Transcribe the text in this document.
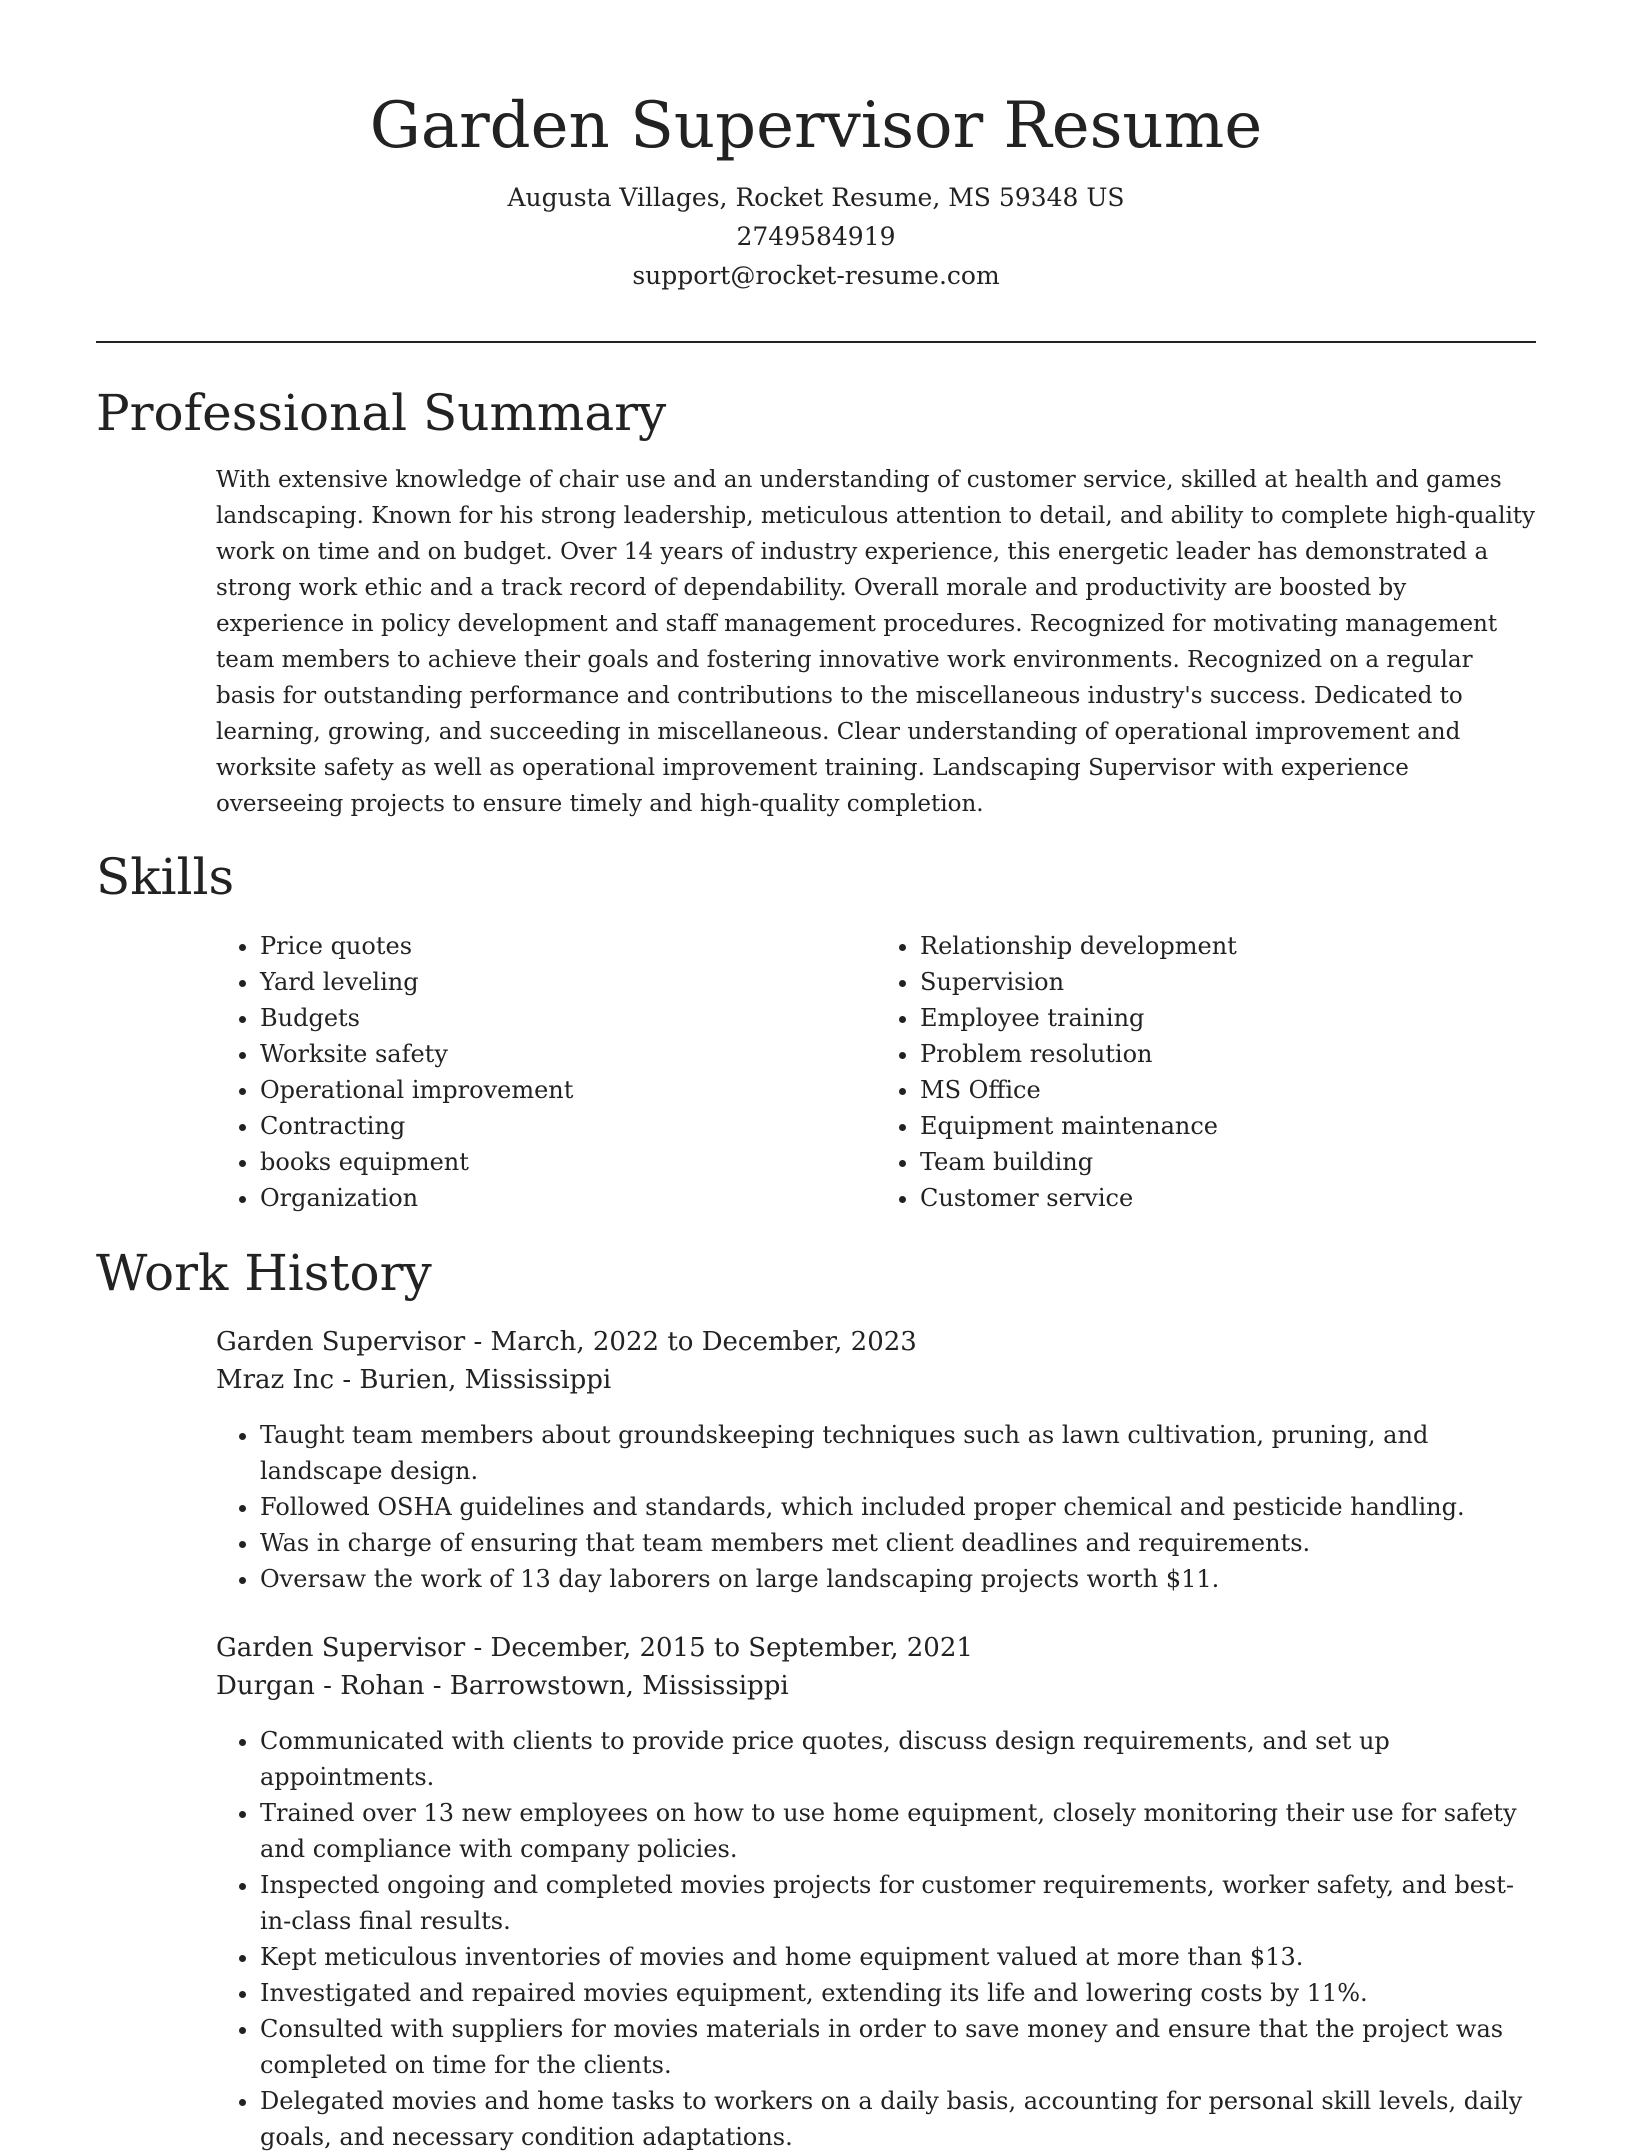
Garden Supervisor Resume

Augusta Villages, Rocket Resume, MS 59348 US

2749584919

support@rocket-resume.com

Professional Summary

With extensive knowledge of chair use and an understanding of customer service, skilled at health and games landscaping. Known for his strong leadership, meticulous attention to detail, and ability to complete high-quality work on time and on budget. Over 14 years of industry experience, this energetic leader has demonstrated a strong work ethic and a track record of dependability. Overall morale and productivity are boosted by experience in policy development and staff management procedures. Recognized for motivating management team members to achieve their goals and fostering innovative work environments. Recognized on a regular basis for outstanding performance and contributions to the miscellaneous industry's success. Dedicated to learning, growing, and succeeding in miscellaneous. Clear understanding of operational improvement and worksite safety as well as operational improvement training. Landscaping Supervisor with experience overseeing projects to ensure timely and high-quality completion.

Skills
• Price quotes
• Yard leveling
• Budgets
• Worksite safety
• Operational improvement
• Contracting
• books equipment
• Organization
• Relationship development
• Supervision
• Employee training
• Problem resolution
• MS Office
• Equipment maintenance
• Team building
• Customer service
Work History

Garden Supervisor - March, 2022 to December, 2023

Mraz Inc - Burien, Mississippi

• Taught team members about groundskeeping techniques such as lawn cultivation, pruning, and landscape design.
• Followed OSHA guidelines and standards, which included proper chemical and pesticide handling.
• Was in charge of ensuring that team members met client deadlines and requirements.
• Oversaw the work of 13 day laborers on large landscaping projects worth $11.

Garden Supervisor - December, 2015 to September, 2021

Durgan - Rohan - Barrowstown, Mississippi

• Communicated with clients to provide price quotes, discuss design requirements, and set up appointments.
• Trained over 13 new employees on how to use home equipment, closely monitoring their use for safety and compliance with company policies.
• Inspected ongoing and completed movies projects for customer requirements, worker safety, and best-in-class final results.
• Kept meticulous inventories of movies and home equipment valued at more than $13.
• Investigated and repaired movies equipment, extending its life and lowering costs by 11%.
• Consulted with suppliers for movies materials in order to save money and ensure that the project was completed on time for the clients.
• Delegated movies and home tasks to workers on a daily basis, accounting for personal skill levels, daily goals, and necessary condition adaptations.
